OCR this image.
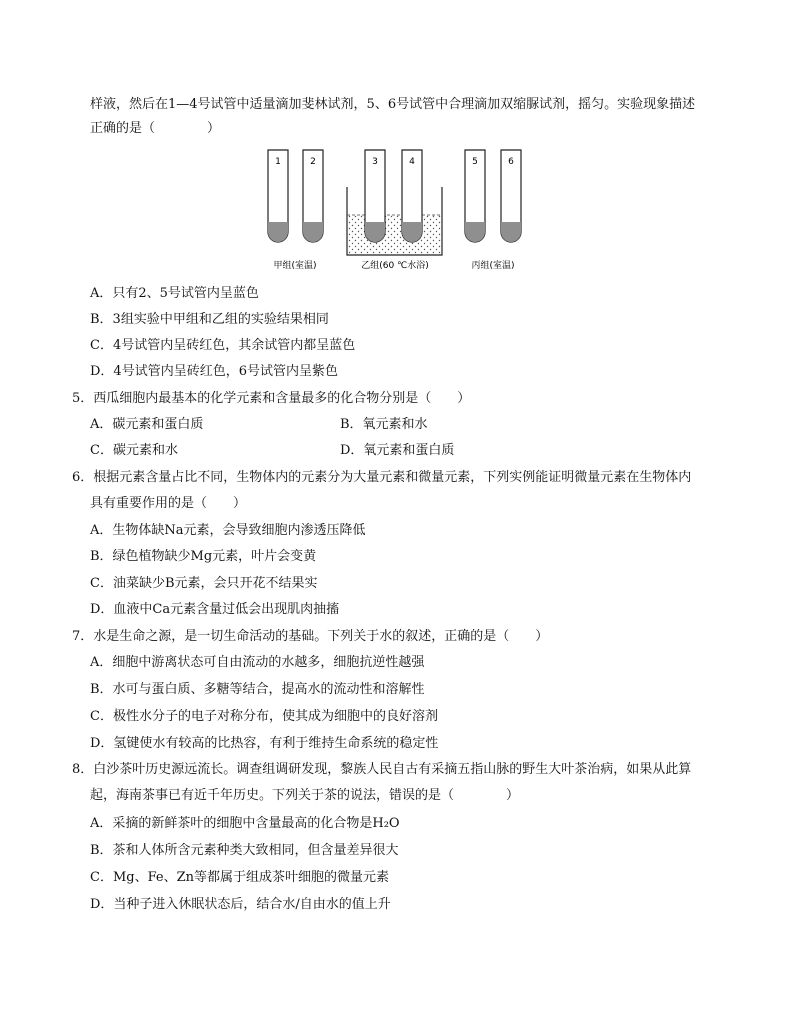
样液，然后在1—4号试管中适量滴加斐林试剂，5、6号试管中合理滴加双缩脲试剂，摇匀。实验现象描述
正确的是（　　　　）
1	2	3	4	5	6
甲组(室温)	乙组(60 ℃水浴)	丙组(室温)
A．只有2、5号试管内呈蓝色
B．3组实验中甲组和乙组的实验结果相同
C．4号试管内呈砖红色，其余试管内都呈蓝色
D．4号试管内呈砖红色，6号试管内呈紫色
5．西瓜细胞内最基本的化学元素和含量最多的化合物分别是（　　）
A．碳元素和蛋白质	B．氧元素和水
C．碳元素和水	D．氧元素和蛋白质
6．根据元素含量占比不同，生物体内的元素分为大量元素和微量元素，下列实例能证明微量元素在生物体内
具有重要作用的是（　　）
A．生物体缺Na元素，会导致细胞内渗透压降低
B．绿色植物缺少Mg元素，叶片会变黄
C．油菜缺少B元素，会只开花不结果实
D．血液中Ca元素含量过低会出现肌肉抽搐
7．水是生命之源，是一切生命活动的基础。下列关于水的叙述，正确的是（　　）
A．细胞中游离状态可自由流动的水越多，细胞抗逆性越强
B．水可与蛋白质、多糖等结合，提高水的流动性和溶解性
C．极性水分子的电子对称分布，使其成为细胞中的良好溶剂
D．氢键使水有较高的比热容，有利于维持生命系统的稳定性
8．白沙茶叶历史源远流长。调查组调研发现，黎族人民自古有采摘五指山脉的野生大叶茶治病，如果从此算
起，海南茶事已有近千年历史。下列关于茶的说法，错误的是（　　　　）
A．采摘的新鲜茶叶的细胞中含量最高的化合物是H₂O
B．茶和人体所含元素种类大致相同，但含量差异很大
C．Mg、Fe、Zn等都属于组成茶叶细胞的微量元素
D．当种子进入休眠状态后，结合水/自由水的值上升
